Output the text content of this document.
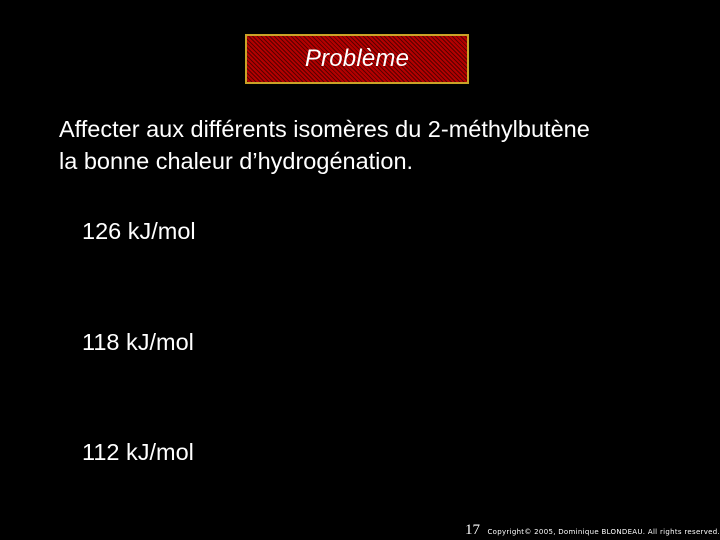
Problème
Affecter aux différents isomères du 2-méthylbutène
la bonne chaleur d’hydrogénation.
126 kJ/mol
118 kJ/mol
112 kJ/mol
17 Copyright© 2005, Dominique BLONDEAU. All rights reserved.
